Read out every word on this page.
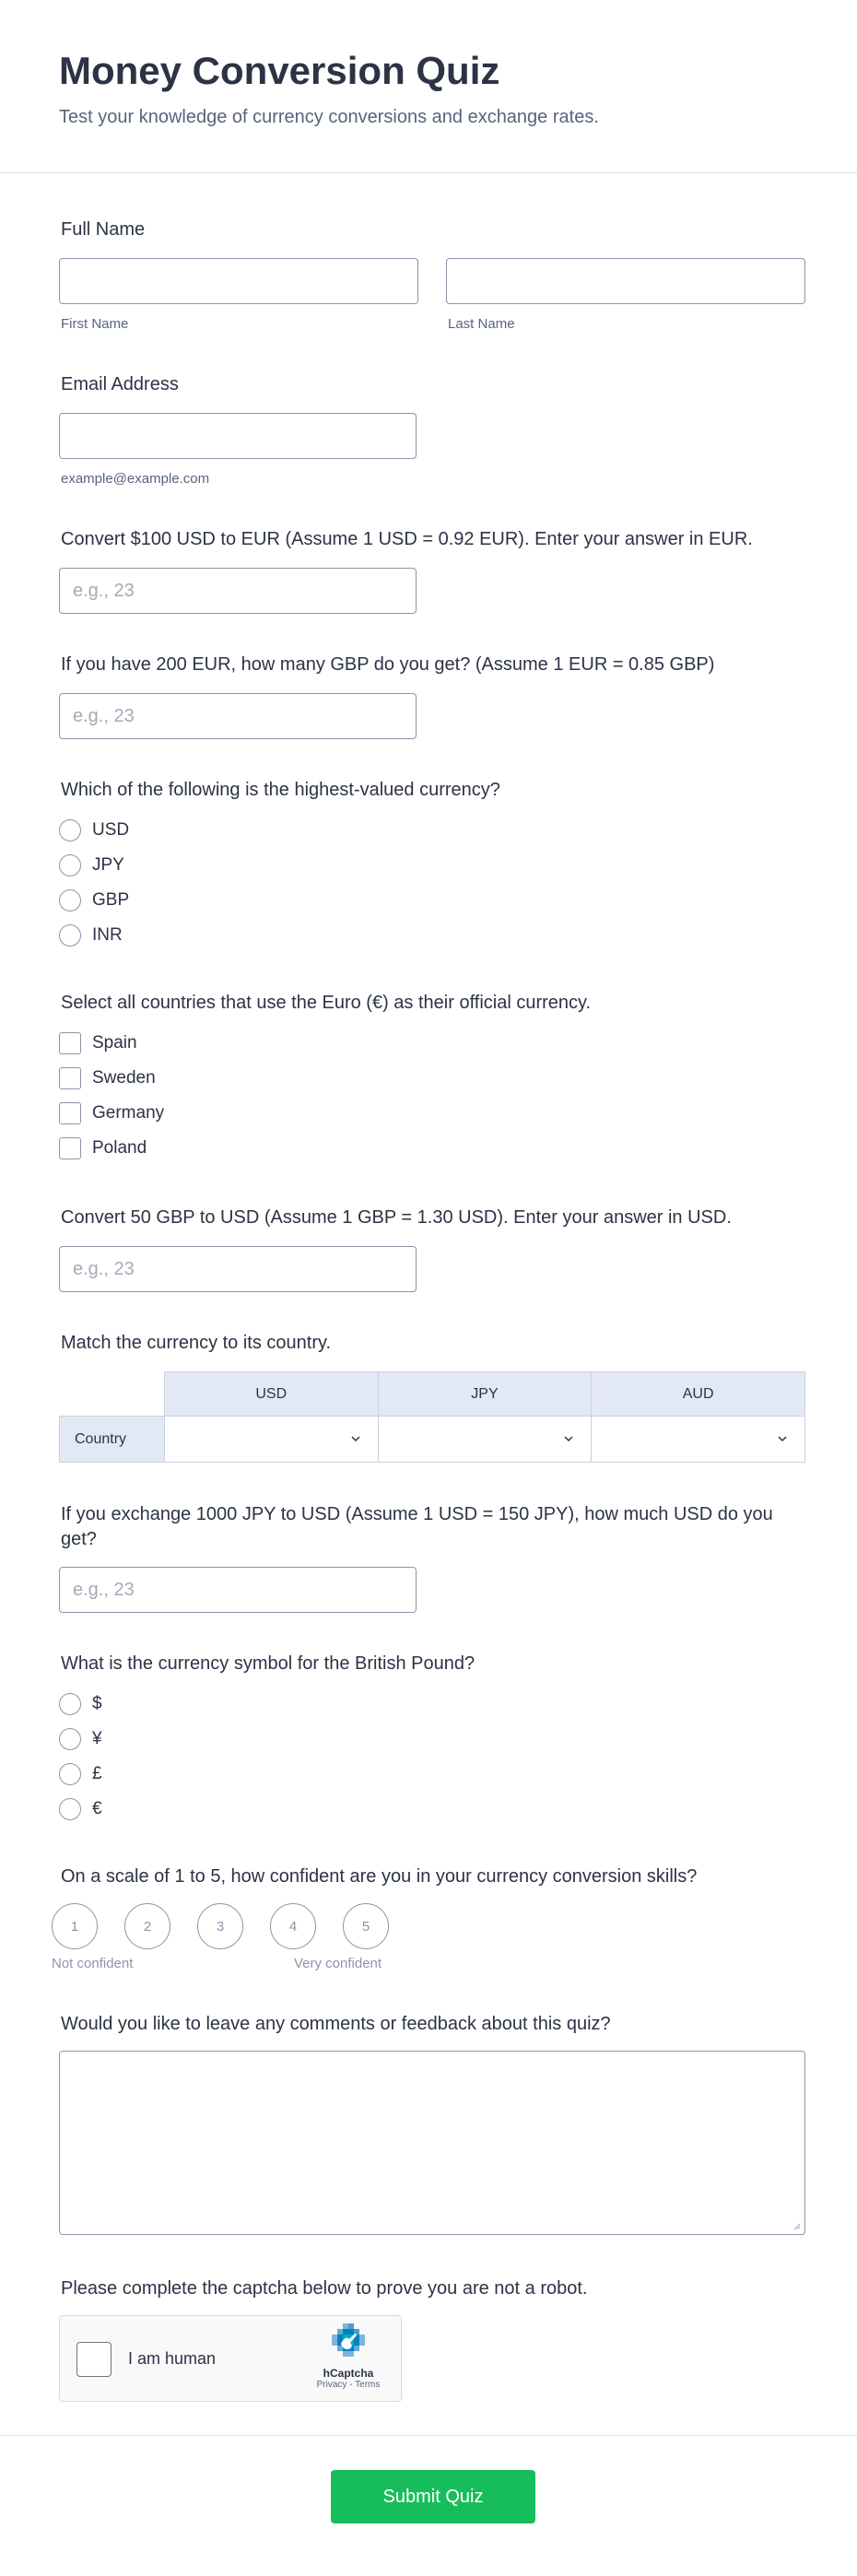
Money Conversion Quiz

Test your knowledge of currency conversions and exchange rates.

Full Name
First Name	Last Name
Email Address
example@example.com
Convert $100 USD to EUR (Assume 1 USD = 0.92 EUR). Enter your answer in EUR.
e.g., 23
If you have 200 EUR, how many GBP do you get? (Assume 1 EUR = 0.85 GBP)
e.g., 23
Which of the following is the highest-valued currency?
USD
JPY
GBP
INR
Select all countries that use the Euro (€) as their official currency.
Spain
Sweden
Germany
Poland
Convert 50 GBP to USD (Assume 1 GBP = 1.30 USD). Enter your answer in USD.
e.g., 23
Match the currency to its country.
	USD	JPY	AUD
Country	

If you exchange 1000 JPY to USD (Assume 1 USD = 150 JPY), how much USD do you get?
e.g., 23
What is the currency symbol for the British Pound?
$
¥
£
€
On a scale of 1 to 5, how confident are you in your currency conversion skills?
1	2	3	4	5
Not confident	Very confident
Would you like to leave any comments or feedback about this quiz?
Please complete the captcha below to prove you are not a robot.
I am human
hCaptcha
Privacy - Terms
Submit Quiz
